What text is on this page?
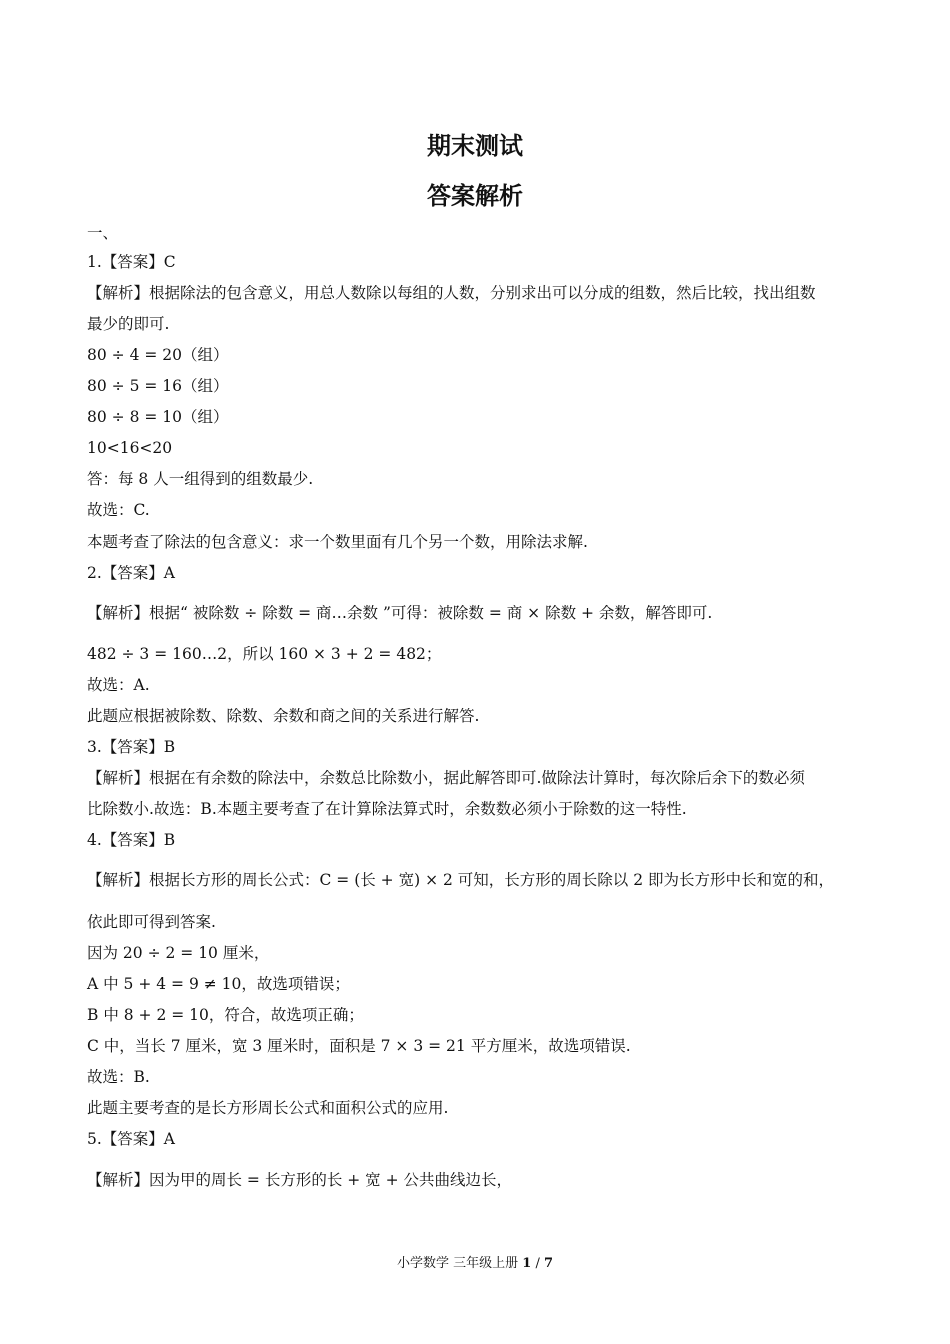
期末测试
答案解析
一、
1.【答案】C
【解析】根据除法的包含意义，用总人数除以每组的人数，分别求出可以分成的组数，然后比较，找出组数
最少的即可.
80 ÷ 4 = 20（组）
80 ÷ 5 = 16（组）
80 ÷ 8 = 10（组）
10<16<20
答：每 8 人一组得到的组数最少.
故选：C.
本题考查了除法的包含意义：求一个数里面有几个另一个数，用除法求解.
2.【答案】A
【解析】根据“ 被除数 ÷ 除数 = 商…余数 ”可得：被除数 = 商 × 除数 + 余数，解答即可.
482 ÷ 3 = 160…2，所以 160 × 3 + 2 = 482；
故选：A.
此题应根据被除数、除数、余数和商之间的关系进行解答.
3.【答案】B
【解析】根据在有余数的除法中，余数总比除数小，据此解答即可.做除法计算时，每次除后余下的数必须
比除数小.故选：B.本题主要考查了在计算除法算式时，余数数必须小于除数的这一特性.
4.【答案】B
【解析】根据长方形的周长公式：C = (长 + 宽) × 2 可知，长方形的周长除以 2 即为长方形中长和宽的和，
依此即可得到答案.
因为 20 ÷ 2 = 10 厘米，
A 中 5 + 4 = 9 ≠ 10，故选项错误；
B 中 8 + 2 = 10，符合，故选项正确；
C 中，当长 7 厘米，宽 3 厘米时，面积是 7 × 3 = 21 平方厘米，故选项错误.
故选：B.
此题主要考查的是长方形周长公式和面积公式的应用.
5.【答案】A
【解析】因为甲的周长 = 长方形的长 + 宽 + 公共曲线边长，
小学数学 三年级上册 1 / 7
